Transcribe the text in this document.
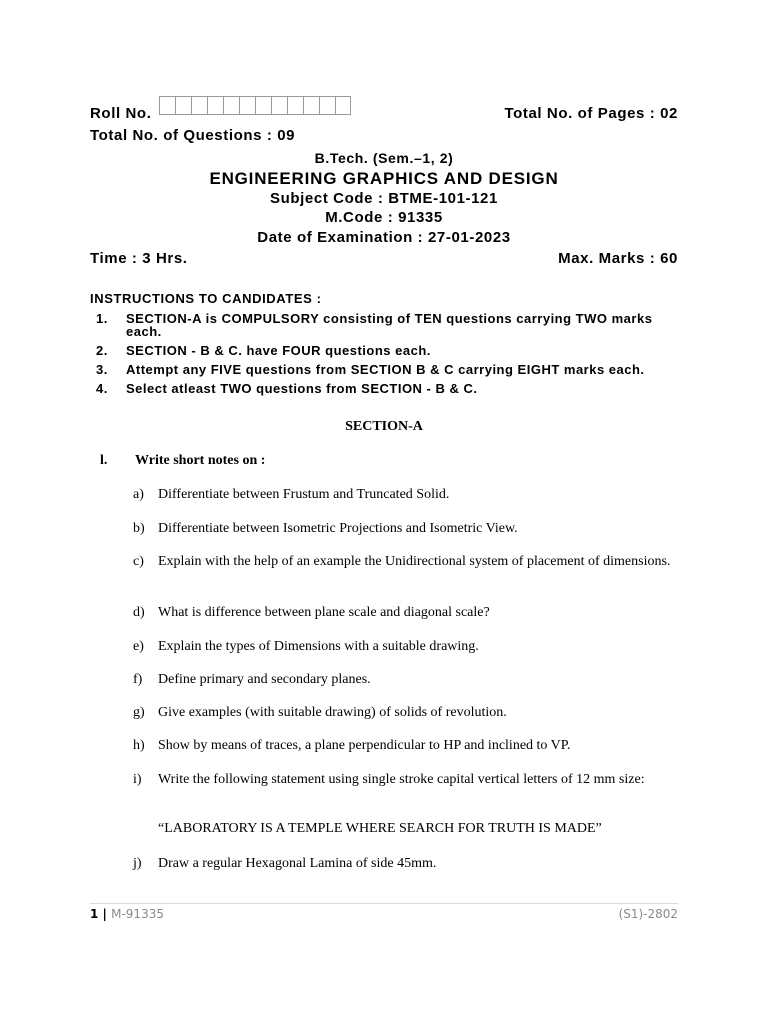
Roll No.	Total No. of Pages : 02
Total No. of Questions : 09
B.Tech. (Sem.–1, 2)
ENGINEERING GRAPHICS AND DESIGN
Subject Code : BTME-101-121
M.Code : 91335
Date of Examination : 27-01-2023
Time : 3 Hrs.	Max. Marks : 60
INSTRUCTIONS TO CANDIDATES :
1.	SECTION-A is COMPULSORY consisting of TEN questions carrying TWO marks each.
2.	SECTION - B & C. have FOUR questions each.
3.	Attempt any FIVE questions from SECTION B & C carrying EIGHT marks each.
4.	Select atleast TWO questions from SECTION - B & C.
SECTION-A
l. Write short notes on :
a) Differentiate between Frustum and Truncated Solid.
b) Differentiate between Isometric Projections and Isometric View.
c) Explain with the help of an example the Unidirectional system of placement of dimensions.
d) What is difference between plane scale and diagonal scale?
e) Explain the types of Dimensions with a suitable drawing.
f) Define primary and secondary planes.
g) Give examples (with suitable drawing) of solids of revolution.
h) Show by means of traces, a plane perpendicular to HP and inclined to VP.
i) Write the following statement using single stroke capital vertical letters of 12 mm size:
“LABORATORY IS A TEMPLE WHERE SEARCH FOR TRUTH IS MADE”
j) Draw a regular Hexagonal Lamina of side 45mm.
1 | M-91335	(S1)-2802
